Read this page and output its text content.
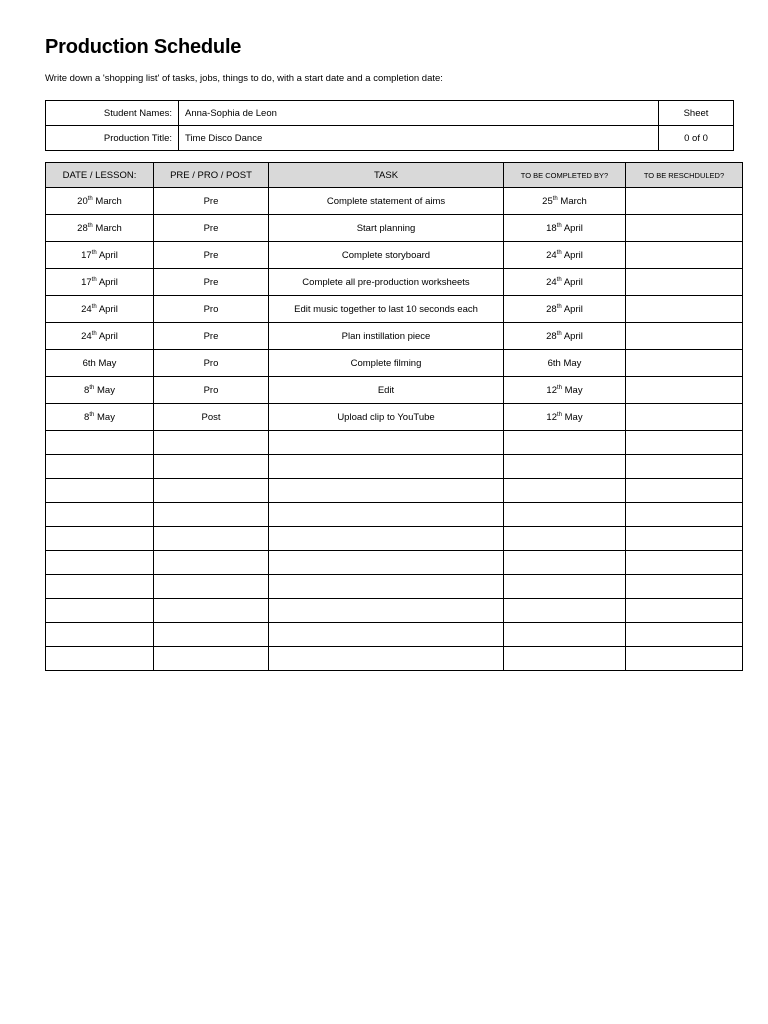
Production Schedule

Write down a 'shopping list' of tasks, jobs, things to do, with a start date and a completion date:

Student Names:	Anna-Sophia de Leon	Sheet
Production Title:	Time Disco Dance	0 of 0
DATE / LESSON:	PRE / PRO / POST	TASK	TO BE COMPLETED BY?	TO BE RESCHDULED?
20th March	Pre	Complete statement of aims	25th March	
28th March	Pre	Start planning	18th April	
17th April	Pre	Complete storyboard	24th April	
17th April	Pre	Complete all pre-production worksheets	24th April	
24th April	Pro	Edit music together to last 10 seconds each	28th April	
24th April	Pre	Plan instillation piece	28th April	
6th May	Pro	Complete filming	6th May	
8th May	Pro	Edit	12th May	
8th May	Post	Upload clip to YouTube	12th May	
